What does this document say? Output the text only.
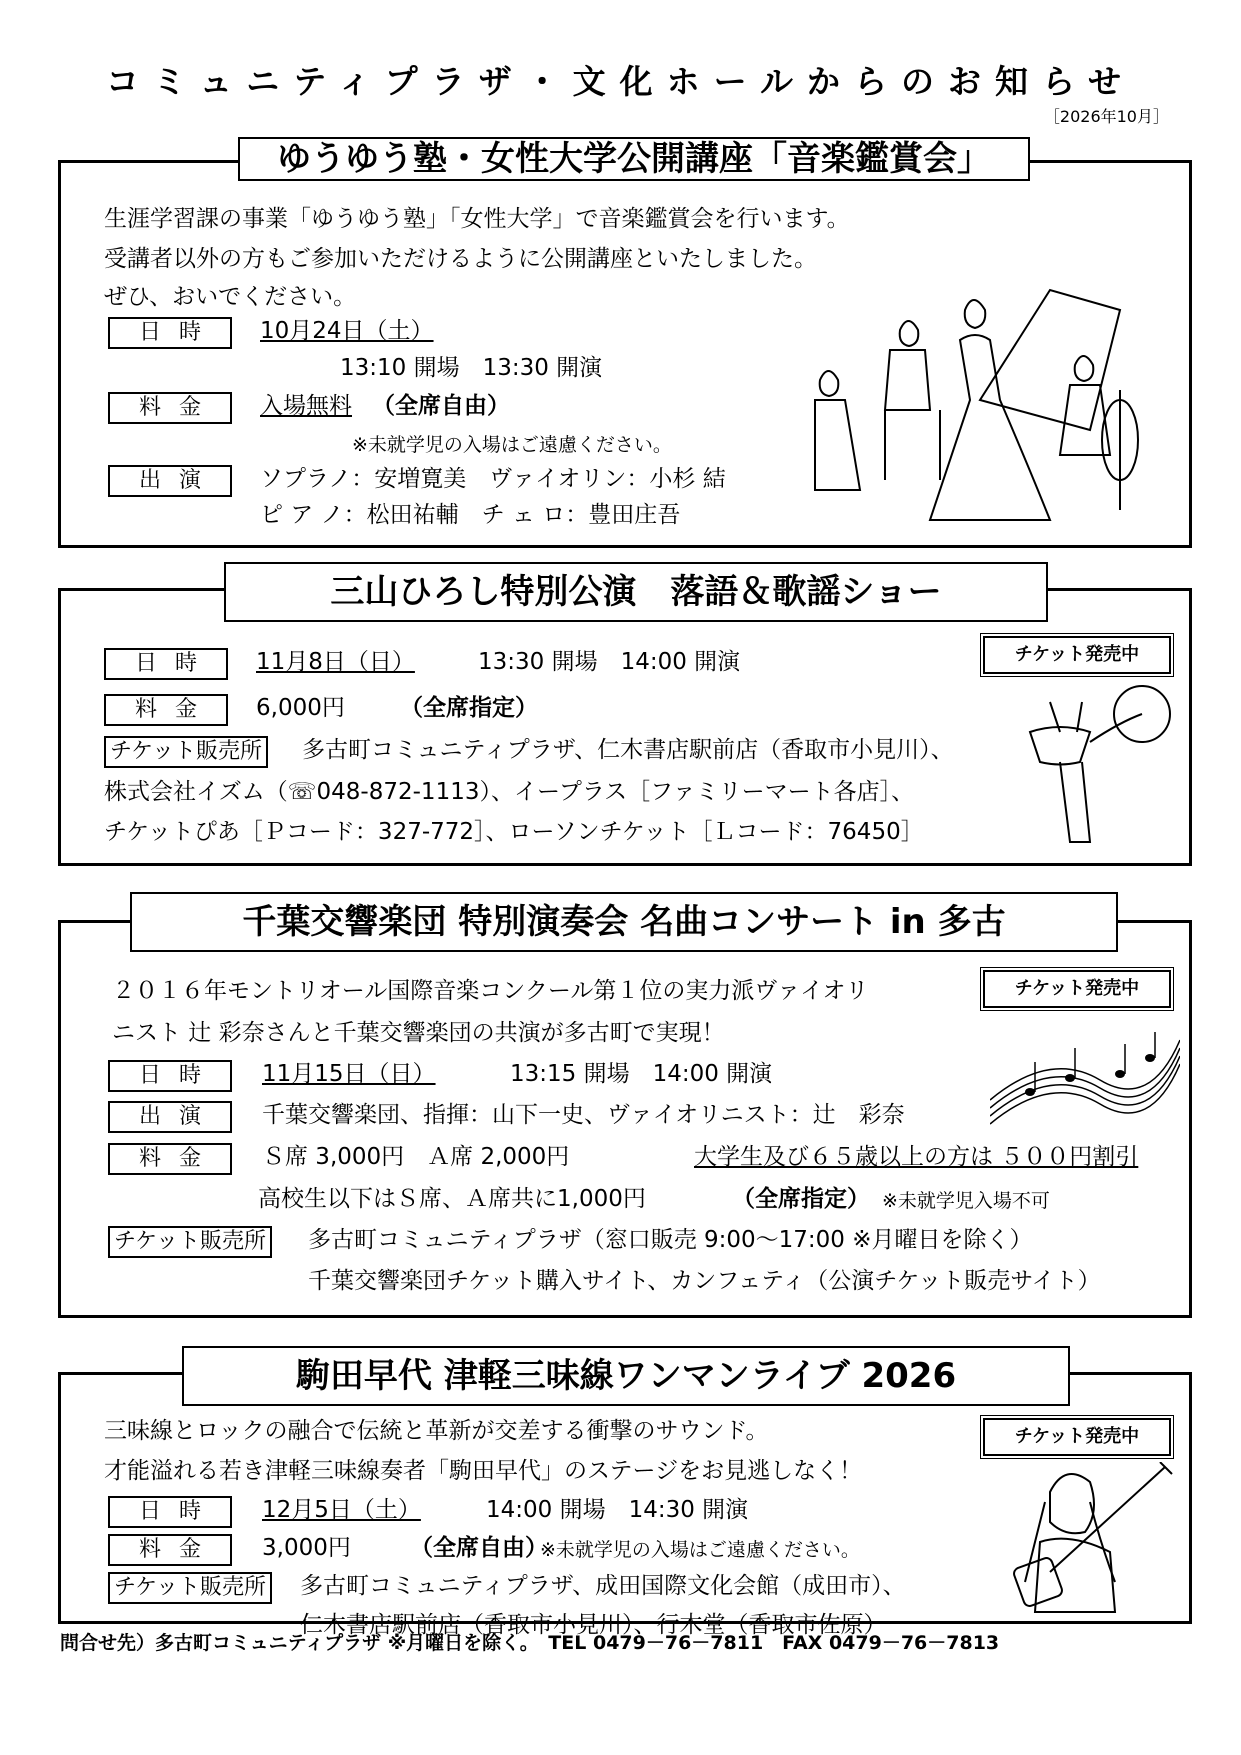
コミュニティプラザ・文化ホールからのお知らせ
［2026年10月］
ゆうゆう塾・女性大学公開講座「音楽鑑賞会」
生涯学習課の事業「ゆうゆう塾」「女性大学」で音楽鑑賞会を行います。
受講者以外の方もご参加いただけるように公開講座といたしました。
ぜひ、おいでください。
日時	10月24日（土）
13:10 開場　13:30 開演
料金	入場無料 （全席自由）
※未就学児の入場はご遠慮ください。
出演	ソプラノ：安増寛美　ヴァイオリン：小杉 結
ピ ア ノ：松田祐輔　チ ェ ロ：豊田庄吾
三山ひろし特別公演　落語＆歌謡ショー
チケット発売中
日時	11月8日（日）	13:30 開場　14:00 開演
料金	6,000円 （全席指定）
チケット販売所 多古町コミュニティプラザ、仁木書店駅前店（香取市小見川）、
株式会社イズム（☏048-872-1113）、イープラス［ファミリーマート各店］、
チケットぴあ［Ｐコード：327-772］、ローソンチケット［Ｌコード：76450］
千葉交響楽団 特別演奏会 名曲コンサート in 多古
チケット発売中
２０１６年モントリオール国際音楽コンクール第１位の実力派ヴァイオリ
ニスト 辻 彩奈さんと千葉交響楽団の共演が多古町で実現！
日時	11月15日（日）	13:15 開場　14:00 開演
出演	千葉交響楽団、指揮：山下一史、ヴァイオリニスト：辻　彩奈
料金	Ｓ席 3,000円　Ａ席 2,000円	大学生及び６５歳以上の方は ５００円割引
高校生以下はＳ席、Ａ席共に1,000円	（全席指定） ※未就学児入場不可
チケット販売所 多古町コミュニティプラザ（窓口販売 9:00～17:00 ※月曜日を除く）
千葉交響楽団チケット購入サイト、カンフェティ（公演チケット販売サイト）
駒田早代 津軽三味線ワンマンライブ 2026
チケット発売中
三味線とロックの融合で伝統と革新が交差する衝撃のサウンド。
才能溢れる若き津軽三味線奏者「駒田早代」のステージをお見逃しなく！
日時	12月5日（土）	14:00 開場　14:30 開演
料金	3,000円	（全席自由）
※未就学児の入場はご遠慮ください。
チケット販売所 多古町コミュニティプラザ、成田国際文化会館（成田市）、
仁木書店駅前店（香取市小見川）、行木堂（香取市佐原）
問合せ先）多古町コミュニティプラザ ※月曜日を除く。　TEL 0479－76－7811　FAX 0479－76－7813
